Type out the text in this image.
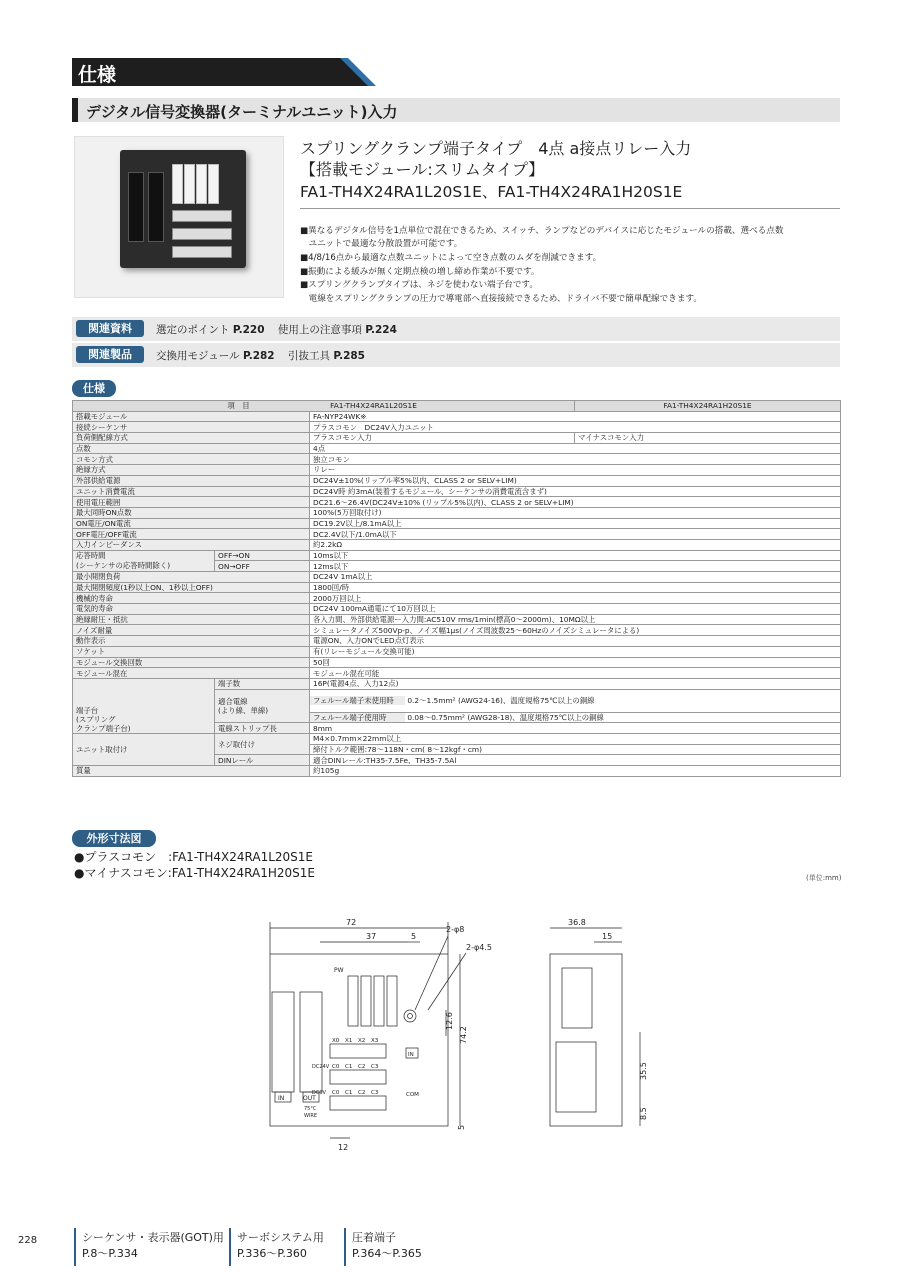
仕様
デジタル信号変換器(ターミナルユニット)入力
スプリングクランプ端子タイプ　4点 a接点リレー入力
【搭載モジュール:スリムタイプ】
FA1-TH4X24RA1L20S1E、FA1-TH4X24RA1H20S1E
■異なるデジタル信号を1点単位で混在できるため、スイッチ、ランプなどのデバイスに応じたモジュールの搭載、選べる点数
　ユニットで最適な分散設置が可能です。
■4/8/16点から最適な点数ユニットによって空き点数のムダを削減できます。
■振動による緩みが無く定期点検の増し締め作業が不要です。
■スプリングクランプタイプは、ネジを使わない端子台です。
　電線をスプリングクランプの圧力で導電部へ直接接続できるため、ドライバ不要で簡単配線できます。
関連資料	選定のポイント P.220 使用上の注意事項 P.224
関連製品	交換用モジュール P.282 引抜工具 P.285
仕様
項　目 FA1-TH4X24RA1L20S1E			FA1-TH4X24RA1H20S1E
搭載モジュール		FA-NYP24WK※	
接続シーケンサ		プラスコモン　DC24V入力ユニット	
負荷側配線方式		プラスコモン入力	マイナスコモン入力
点数		4点	
コモン方式		独立コモン	
絶縁方式		リレー	
外部供給電源		DC24V±10%(リップル率5%以内、CLASS 2 or SELV+LIM)	
ユニット消費電流		DC24V時 約3mA(装着するモジュール、シーケンサの消費電流含まず)	
使用電圧範囲		DC21.6～26.4V(DC24V±10% (リップル5%以内)、CLASS 2 or SELV+LIM)	
最大同時ON点数		100%(5万回取付け)	
ON電圧/ON電流		DC19.2V以上/8.1mA以上	
OFF電圧/OFF電流		DC2.4V以下/1.0mA以下	
入力インピーダンス		約2.2kΩ	
応答時間	OFF→ON	10ms以下	
(シーケンサの応答時間除く)	ON→OFF	12ms以下	
最小開閉負荷		DC24V 1mA以上	
最大開閉頻度(1秒以上ON、1秒以上OFF)		1800回/時	
機械的寿命		2000万回以上	
電気的寿命		DC24V 100mA通電にて10万回以上	
絶縁耐圧・抵抗		各入力間、外部供給電源ー入力間:AC510V rms/1min(標高0～2000m)、10MΩ以上	
ノイズ耐量		シミュレータノイズ500Vp-p、ノイズ幅1μs(ノイズ周波数25～60Hzのノイズシミュレータによる)	
動作表示		電源ON、入力ONでLED点灯表示	
ソケット		有(リレーモジュール交換可能)	
モジュール交換回数		50回	
モジュール混在		モジュール混在可能	

端子台
(スプリング
クランプ端子台)	端子数	16P(電源4点、入力12点)	
	適合電線
(より線、単線)	フェルール端子未使用時 0.2～1.5mm² (AWG24-16)、温度規格75℃以上の銅線	
		フェルール端子使用時 0.08～0.75mm² (AWG28-18)、温度規格75℃以上の銅線	
	電線ストリップ長	8mm	
ユニット取付け	ネジ取付け	M4×0.7mm×22mm以上	
		締付トルク範囲:78～118N・cm( 8～12kgf・cm)	
	DINレール	適合DINレール:TH35-7.5Fe、TH35-7.5Al	
質量		約105g	
外形寸法図
●プラスコモン　:FA1-TH4X24RA1L20S1E
●マイナスコモン:FA1-TH4X24RA1H20S1E	(単位:mm)
72
37	5
2-φ8
2-φ4.5
IN	OUT
75°C
WIRE
PW
X0 X1 X2 X3
IN
C0 C1 C2 C3
C0 C1 C2 C3	COM
DC24V
DC0V
74.2
12.6
5
12
36.8
15
35.5
8.5
228	シーケンサ・表示器(GOT)用
P.8～P.334
サーボシステム用
P.336～P.360
圧着端子
P.364～P.365
